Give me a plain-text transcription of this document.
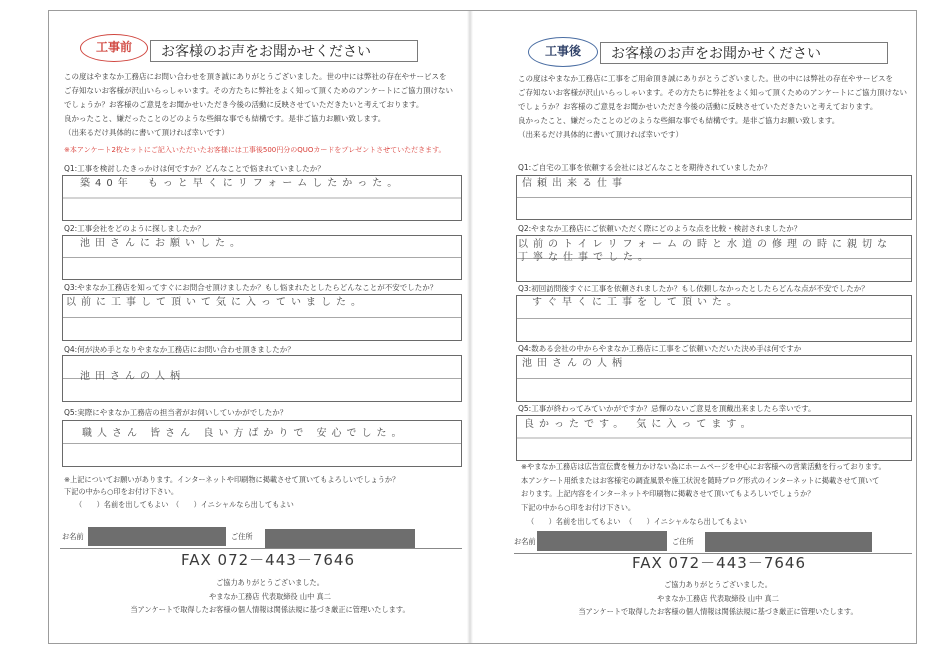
工事前	お客様のお声をお聞かせください
この度はやまなか工務店にお問い合わせを頂き誠にありがとうございました。世の中には弊社の存在やサービスを
ご存知ないお客様が沢山いらっしゃいます。その方たちに弊社をよく知って頂くためのアンケートにご協力頂けない
でしょうか？お客様のご意見をお聞かせいただき今後の活動に反映させていただきたいと考えております。
良かったこと、嫌だったことのどのような些細な事でも結構です。是非ご協力お願い致します。
（出来るだけ具体的に書いて頂ければ幸いです）
※本アンケート2枚セットにご記入いただいたお客様には工事後500円分のQUOカードをプレゼントさせていただきます。
Q1:工事を検討したきっかけは何ですか？どんなことで悩まれていましたか？
築40年　もっと早くにリフォームしたかった。
Q2:工事会社をどのように探しましたか？
池田さんにお願いした。
Q3:やまなか工務店を知ってすぐにお問合せ頂けましたか？もし悩まれたとしたらどんなことが不安でしたか？
以前に工事して頂いて気に入っていました。
Q4:何が決め手となりやまなか工務店にお問い合わせ頂きましたか？
池田さんの人柄
Q5:実際にやまなか工務店の担当者がお伺いしていかがでしたか？
職人さん 皆さん 良い方ばかりで 安心でした。
※上記についてお願いがあります。インターネットや印刷物に掲載させて頂いてもよろしいでしょうか？
下記の中から○印をお付け下さい。
（　　）名前を出してもよい （　　）イニシャルなら出してもよい
お名前	ご住所
FAX 072－443－7646
ご協力ありがとうございました。
やまなか工務店 代表取締役 山中 真二
当アンケートで取得したお客様の個人情報は関係法規に基づき厳正に管理いたします。
工事後	お客様のお声をお聞かせください
この度はやまなか工務店に工事をご用命頂き誠にありがとうございました。世の中には弊社の存在やサービスを
ご存知ないお客様が沢山いらっしゃいます。その方たちに弊社をよく知って頂くためのアンケートにご協力頂けない
でしょうか？お客様のご意見をお聞かせいただき今後の活動に反映させていただきたいと考えております。
良かったこと、嫌だったことのどのような些細な事でも結構です。是非ご協力お願い致します。
（出来るだけ具体的に書いて頂ければ幸いです）
Q1:ご自宅の工事を依頼する会社にはどんなことを期待されていましたか？
信頼出来る仕事
Q2:やまなか工務店にご依頼いただく際にどのような点を比較・検討されましたか？
以前のトイレリフォームの時と水道の修理の時に親切な
丁寧な仕事でした。
Q3:初回訪問後すぐに工事を依頼されましたか？もし依頼しなかったとしたらどんな点が不安でしたか？
すぐ早くに工事をして頂いた。
Q4:数ある会社の中からやまなか工務店に工事をご依頼いただいた決め手は何ですか
池田さんの人柄
Q5:工事が終わってみていかがですか？忌憚のないご意見を頂戴出来ましたら幸いです。
良かったです。 気に入ってます。
※やまなか工務店は広告宣伝費を極力かけない為にホームページを中心にお客様への営業活動を行っております。
本アンケート用紙またはお客様宅の調査風景や施工状況を随時ブログ形式のインターネットに掲載させて頂いて
おります。上記内容をインターネットや印刷物に掲載させて頂いてもよろしいでしょうか？
下記の中から○印をお付け下さい。
（　　）名前を出してもよい （　　）イニシャルなら出してもよい
お名前	ご住所
FAX 072－443－7646
ご協力ありがとうございました。
やまなか工務店 代表取締役 山中 真二
当アンケートで取得したお客様の個人情報は関係法規に基づき厳正に管理いたします。
